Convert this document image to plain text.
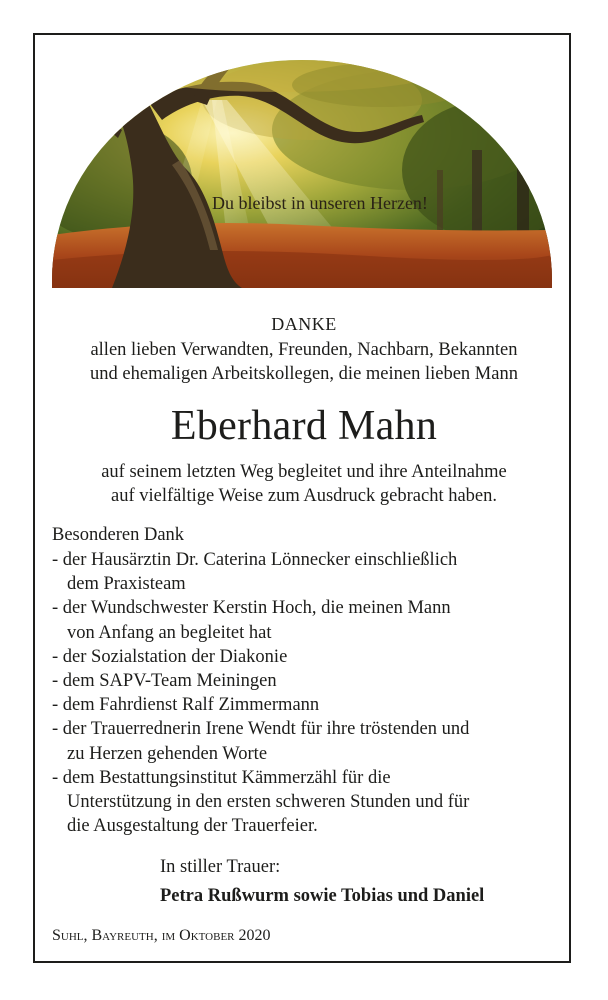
Du bleibst in unseren Herzen!
DANKE
allen lieben Verwandten, Freunden, Nachbarn, Bekannten
und ehemaligen Arbeitskollegen, die meinen lieben Mann
Eberhard Mahn
auf seinem letzten Weg begleitet und ihre Anteilnahme
auf vielfältige Weise zum Ausdruck gebracht haben.
Besonderen Dank
- der Hausärztin Dr. Caterina Lönnecker einschließlich
dem Praxisteam
- der Wundschwester Kerstin Hoch, die meinen Mann
von Anfang an begleitet hat
- der Sozialstation der Diakonie
- dem SAPV-Team Meiningen
- dem Fahrdienst Ralf Zimmermann
- der Trauerrednerin Irene Wendt für ihre tröstenden und
zu Herzen gehenden Worte
- dem Bestattungsinstitut Kämmerzähl für die
Unterstützung in den ersten schweren Stunden und für
die Ausgestaltung der Trauerfeier.
In stiller Trauer:
Petra Rußwurm sowie Tobias und Daniel
Suhl, Bayreuth, im Oktober 2020
